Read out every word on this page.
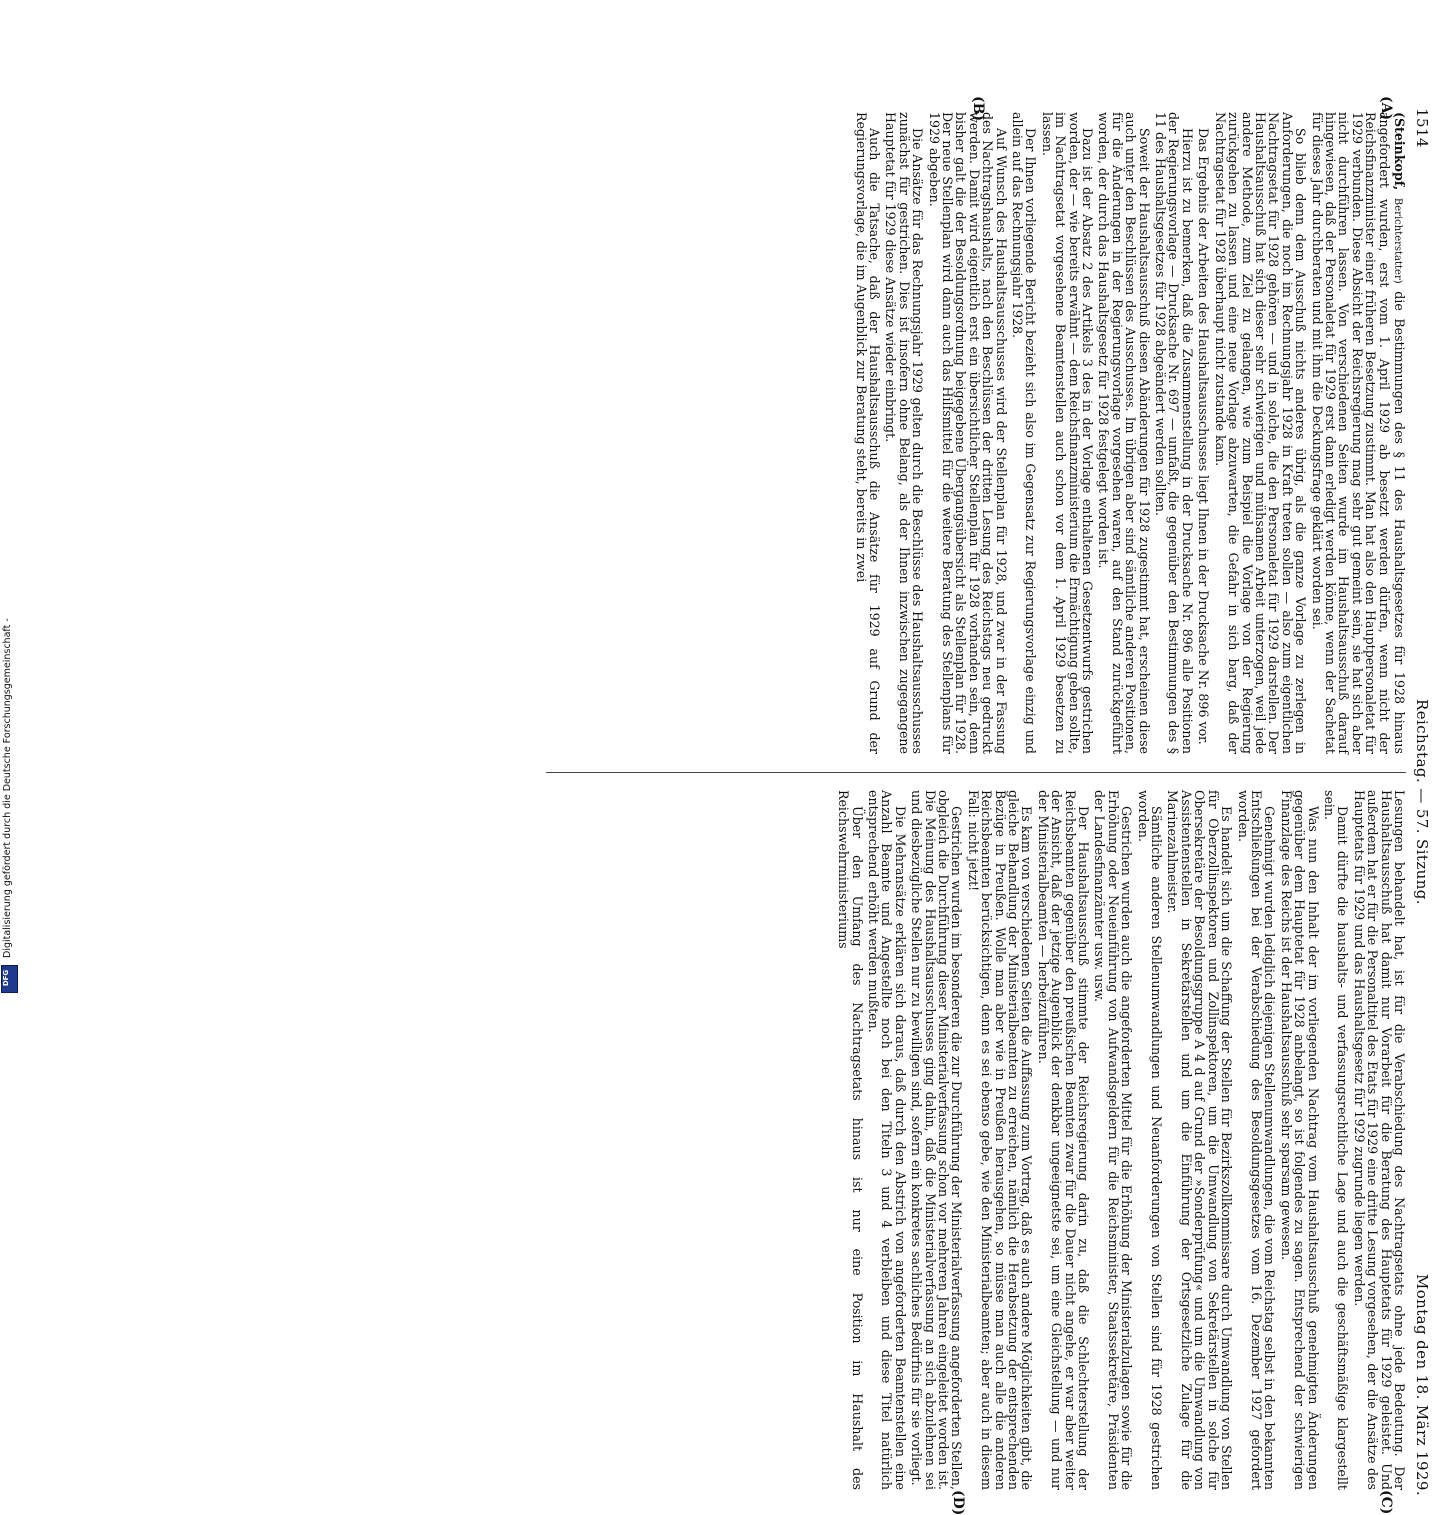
1514
Reichstag. — 57. Sitzung.
Montag den 18. März 1929.
(A)
(B)
(C)
(D)

(Steinkopf, Berichterstatter) die Bestimmungen des § 11 des Haushaltsgesetzes für 1928 hinaus angefordert wurden, erst vom 1. April 1929 ab besetzt werden dürfen, wenn nicht der Reichsfinanzminister einer früheren Besetzung zustimmt. Man hat also den Hauptpersonaletat für 1929 verbunden. Diese Absicht der Reichsregierung mag sehr gut gemeint sein, sie hat sich aber nicht durchführen lassen. Von verschiedenen Seiten wurde im Haushaltsausschuß darauf hingewiesen, daß der Personaletat für 1929 erst dann erledigt werden könne, wenn der Sachetat für dieses Jahr durchberaten und mit ihm die Deckungsfrage geklärt worden sei.

So blieb denn dem Ausschuß nichts anderes übrig, als die ganze Vorlage zu zerlegen in Anforderungen, die noch im Rechnungsjahr 1928 in Kraft treten sollen — also zum eigentlichen Nachtragsetat für 1928 gehören — und in solche, die den Personaletat für 1929 darstellen. Der Haushaltsausschuß hat sich dieser sehr schwierigen und mühsamen Arbeit unterzogen, weil jede andere Methode, zum Ziel zu gelangen, wie zum Beispiel die Vorlage von der Regierung zurückgehen zu lassen und eine neue Vorlage abzuwarten, die Gefahr in sich barg, daß der Nachtragsetat für 1928 überhaupt nicht zustande kam.

Das Ergebnis der Arbeiten des Haushaltsausschusses liegt Ihnen in der Drucksache Nr. 896 vor.

Hierzu ist zu bemerken, daß die Zusammenstellung in der Drucksache Nr. 896 alle Positionen der Regierungsvorlage — Drucksache Nr. 697 — umfaßt, die gegenüber den Bestimmungen des § 11 des Haushaltsgesetzes für 1928 abgeändert werden sollten.

Soweit der Haushaltsausschuß diesen Abänderungen für 1928 zugestimmt hat, erscheinen diese auch unter den Beschlüssen des Ausschusses. Im übrigen aber sind sämtliche anderen Positionen, für die Änderungen in der Regierungsvorlage vorgesehen waren, auf den Stand zurückgeführt worden, der durch das Haushaltsgesetz für 1928 festgelegt worden ist.

Dazu ist der Absatz 2 des Artikels 3 des in der Vorlage enthaltenen Gesetzentwurfs gestrichen worden, der — wie bereits erwähnt — dem Reichsfinanzministerium die Ermächtigung geben sollte, im Nachtragsetat vorgesehene Beamtenstellen auch schon vor dem 1. April 1929 besetzen zu lassen.

Der Ihnen vorliegende Bericht bezieht sich also im Gegensatz zur Regierungsvorlage einzig und allein auf das Rechnungsjahr 1928.

Auf Wunsch des Haushaltsausschusses wird der Stellenplan für 1928, und zwar in der Fassung des Nachtragshaushalts, nach den Beschlüssen der dritten Lesung des Reichstags neu gedruckt werden. Damit wird eigentlich erst ein übersichtlicher Stellenplan für 1928 vorhanden sein, denn bisher galt die der Besoldungsordnung beigegebene Übergangsübersicht als Stellenplan für 1928. Der neue Stellenplan wird dann auch das Hilfsmittel für die weitere Beratung des Stellenplans für 1929 abgeben.

Die Ansätze für das Rechnungsjahr 1929 gelten durch die Beschlüsse des Haushaltsausschusses zunächst für gestrichen. Dies ist insofern ohne Belang, als der Ihnen inzwischen zugegangene Hauptetat für 1929 diese Ansätze wieder einbringt.

Auch die Tatsache, daß der Haushaltsausschuß die Ansätze für 1929 auf Grund der Regierungsvorlage, die im Augenblick zur Beratung steht, bereits in zwei

Lesungen behandelt hat, ist für die Verabschiedung des Nachtragsetats ohne jede Bedeutung. Der Haushaltsausschuß hat damit nur Vorarbeit für die Beratung des Hauptetats für 1929 geleistet. Und außerdem hat er für die Personaltitel des Etats für 1929 eine dritte Lesung vorgesehen, der die Ansätze des Hauptetats für 1929 und das Haushaltsgesetz für 1929 zugrunde liegen werden.

Damit dürfte die haushalts- und verfassungsrechtliche Lage und auch die geschäftsmäßige klargestellt sein.

Was nun den Inhalt der im vorliegenden Nachtrag vom Haushaltsausschuß genehmigten Änderungen gegenüber dem Hauptetat für 1928 anbelangt, so ist folgendes zu sagen. Entsprechend der schwierigen Finanzlage des Reichs ist der Haushaltsausschuß sehr sparsam gewesen.

Genehmigt wurden lediglich diejenigen Stellenumwandlungen, die vom Reichstag selbst in den bekannten Entschließungen bei der Verabschiedung des Besoldungsgesetzes vom 16. Dezember 1927 gefordert worden.

Es handelt sich um die Schaffung der Stellen für Bezirkszollkommissare durch Umwandlung von Stellen für Oberzollinspektoren und Zollinspektoren, um die Umwandlung von Sekretärstellen in solche für Obersekretäre der Besoldungsgruppe A 4 d auf Grund der »Sonderprüfung« und um die Umwandlung von Assistentenstellen in Sekretärstellen und um die Einführung der Ortsgesetzliche Zulage für die Marinezahlmeister.

Sämtliche anderen Stellenumwandlungen und Neuanforderungen von Stellen sind für 1928 gestrichen worden.

Gestrichen wurden auch die angeforderten Mittel für die Erhöhung der Ministerialzulagen sowie für die Erhöhung oder Neueinführung von Aufwandsgeldern für die Reichsminister, Staatssekretäre, Präsidenten der Landesfinanzämter usw. usw.

Der Haushaltsausschuß stimmte der Reichsregierung darin zu, daß die Schlechterstellung der Reichsbeamten gegenüber den preußischen Beamten zwar für die Dauer nicht angehe, er war aber weiter der Ansicht, daß der jetzige Augenblick der denkbar ungeeignetste sei, um eine Gleichstellung — und nur der Ministerialbeamten — herbeizuführen.

Es kam von verschiedenen Seiten die Auffassung zum Vortrag, daß es auch andere Möglichkeiten gibt, die gleiche Behandlung der Ministerialbeamten zu erreichen, nämlich die Herabsetzung der entsprechenden Bezüge in Preußen. Wolle man aber wie in Preußen herausgehen, so müsse man auch alle die anderen Reichsbeamten berücksichtigen, denn es sei ebenso gebe, wie den Ministerialbeamten; aber auch in diesem Fall: nicht jetzt!

Gestrichen wurden im besonderen die zur Durchführung der Ministerialverfassung angeforderten Stellen, obgleich die Durchführung dieser Ministerialverfassung schon vor mehreren Jahren eingeleitet worden ist. Die Meinung des Haushaltsausschusses ging dahin, daß die Ministerialverfassung an sich abzulehnen sei und diesbezügliche Stellen nur zu bewilligen sind, sofern ein konkretes sachliches Bedürfnis für sie vorliegt.

Die Mehransätze erklären sich daraus, daß durch den Abstrich von angeforderten Beamtenstellen eine Anzahl Beamte und Angestellte noch bei den Titeln 3 und 4 verbleiben und diese Titel natürlich entsprechend erhöht werden mußten.

Über den Umfang des Nachtragsetats hinaus ist nur eine Position im Haushalt des Reichswehrministeriums

Digitalisierung gefördert durch die Deutsche Forschungsgemeinschaft -
DFG
